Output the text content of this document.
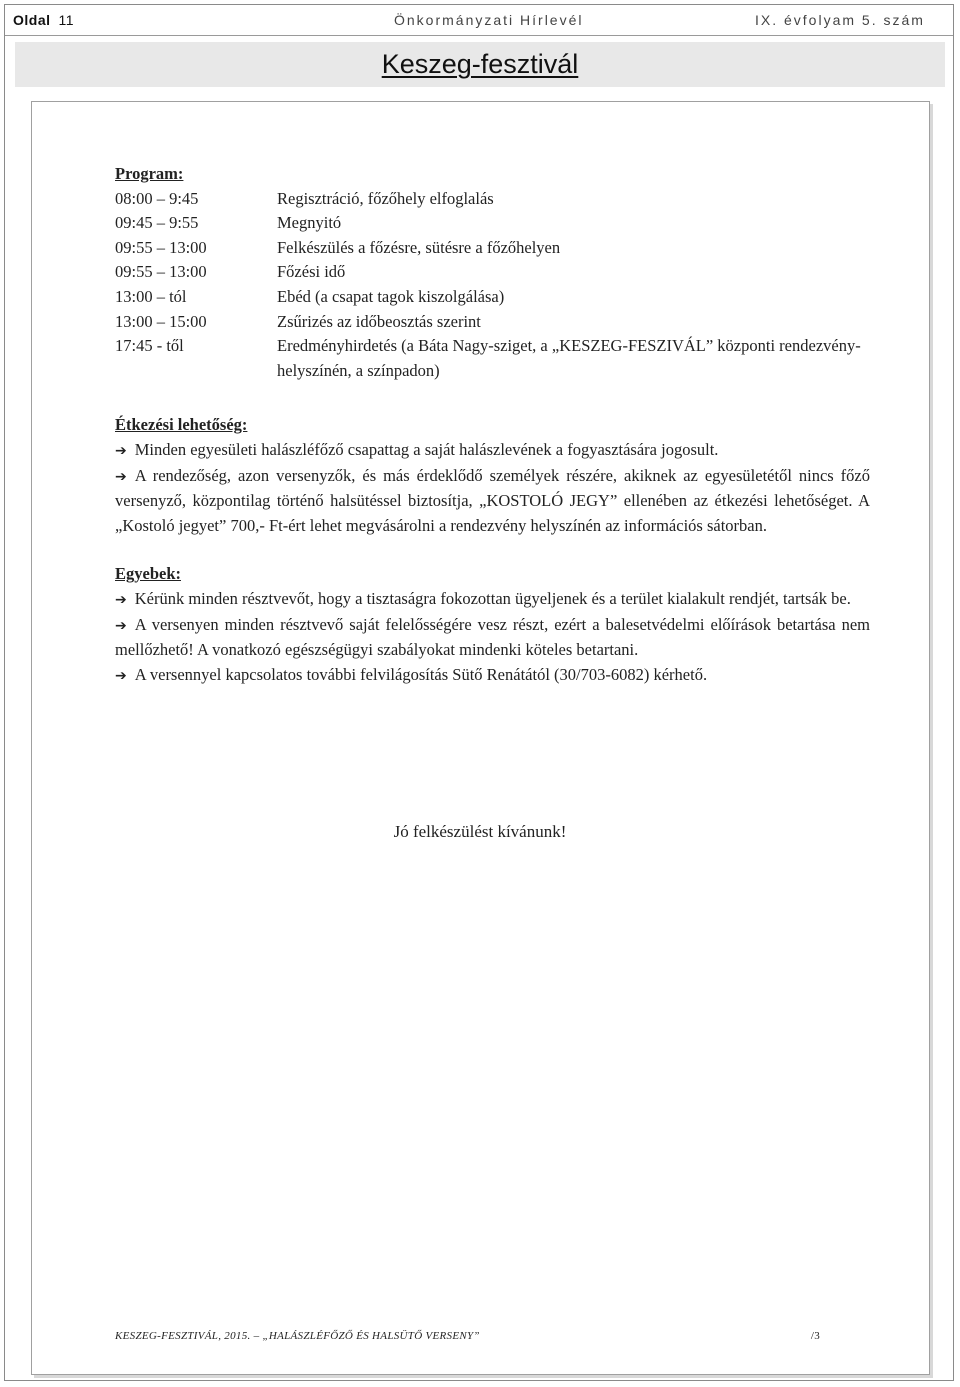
Oldal 11	Önkormányzati Hírlevél	IX. évfolyam 5. szám
Keszeg-fesztivál

Program:

08:00 – 9:45	Regisztráció, főzőhely elfoglalás
09:45 – 9:55	Megnyitó
09:55 – 13:00	Felkészülés a főzésre, sütésre a főzőhelyen
09:55 – 13:00	Főzési idő
13:00 – tól	Ebéd (a csapat tagok kiszolgálása)
13:00 – 15:00	Zsűrizés az időbeosztás szerint
17:45 - től	Eredményhirdetés (a Báta Nagy-sziget, a „KESZEG-FESZIVÁL” központi rendezvény-helyszínén, a színpadon)

Étkezési lehetőség:

➔ Minden egyesületi halászléfőző csapattag a saját halászlevének a fogyasztására jogosult.

➔ A rendezőség, azon versenyzők, és más érdeklődő személyek részére, akiknek az egyesületétől nincs főző versenyző, központilag történő halsütéssel biztosítja, „KOSTOLÓ JEGY” ellenében az étkezési lehetőséget. A „Kostoló jegyet” 700,- Ft-ért lehet megvásárolni a rendezvény helyszínén az információs sátorban.

Egyebek:

➔ Kérünk minden résztvevőt, hogy a tisztaságra fokozottan ügyeljenek és a terület kialakult rendjét, tartsák be.

➔ A versenyen minden résztvevő saját felelősségére vesz részt, ezért a balesetvédelmi előírások betartása nem mellőzhető! A vonatkozó egészségügyi szabályokat mindenki köteles betartani.

➔ A versennyel kapcsolatos további felvilágosítás Sütő Renátától (30/703-6082) kérhető.

Jó felkészülést kívánunk!
KESZEG-FESZTIVÁL, 2015. – „HALÁSZLÉFŐZŐ ÉS HALSÜTŐ VERSENY”	/3
